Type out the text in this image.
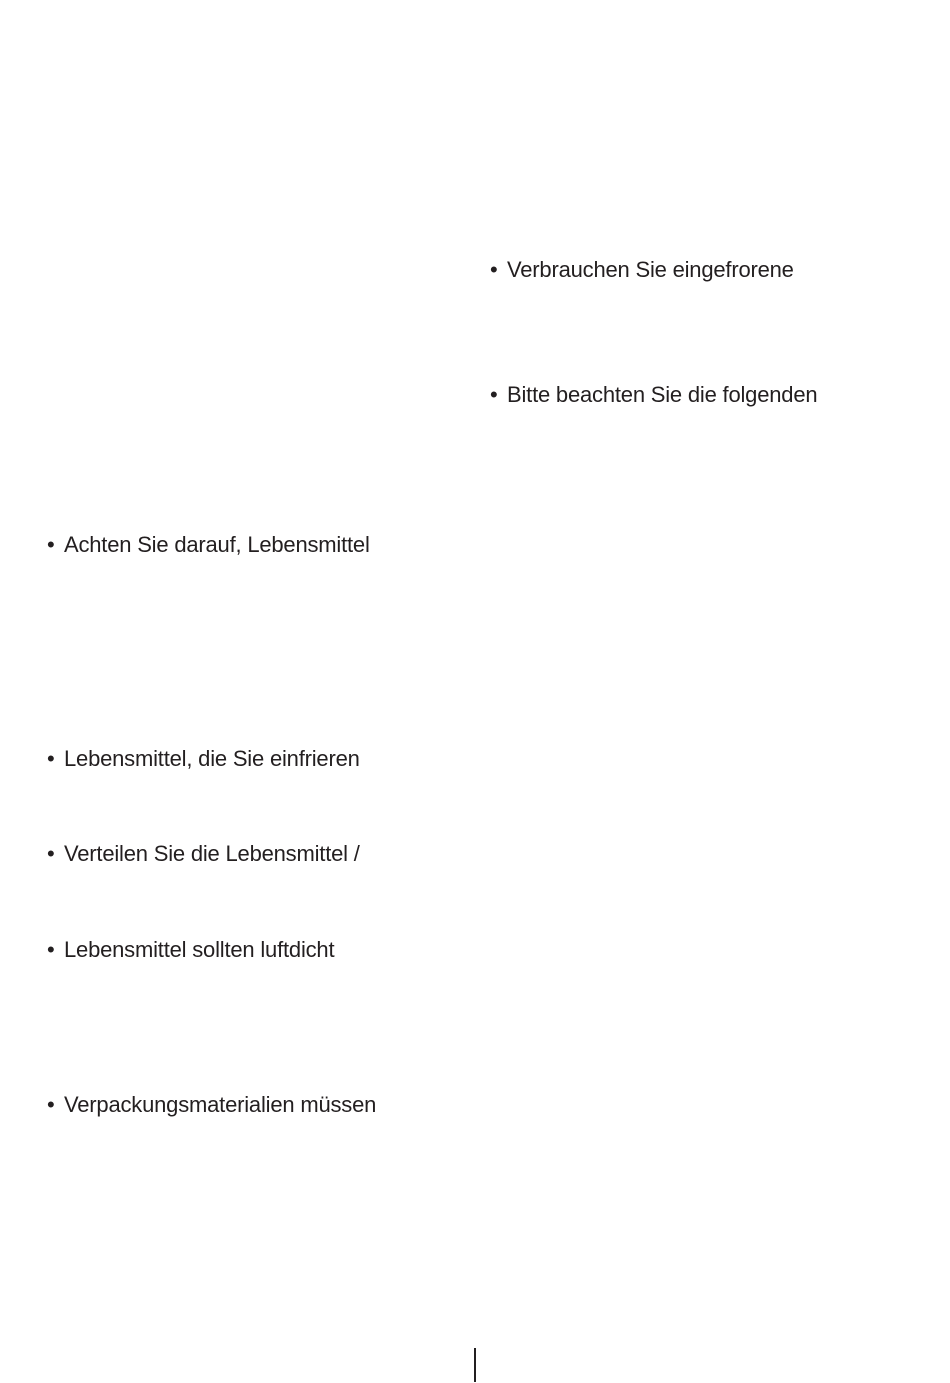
• Verbrauchen Sie eingefrorene
• Bitte beachten Sie die folgenden
• Achten Sie darauf, Lebensmittel
• Lebensmittel, die Sie einfrieren
• Verteilen Sie die Lebensmittel /
• Lebensmittel sollten luftdicht
• Verpackungsmaterialien müssen
